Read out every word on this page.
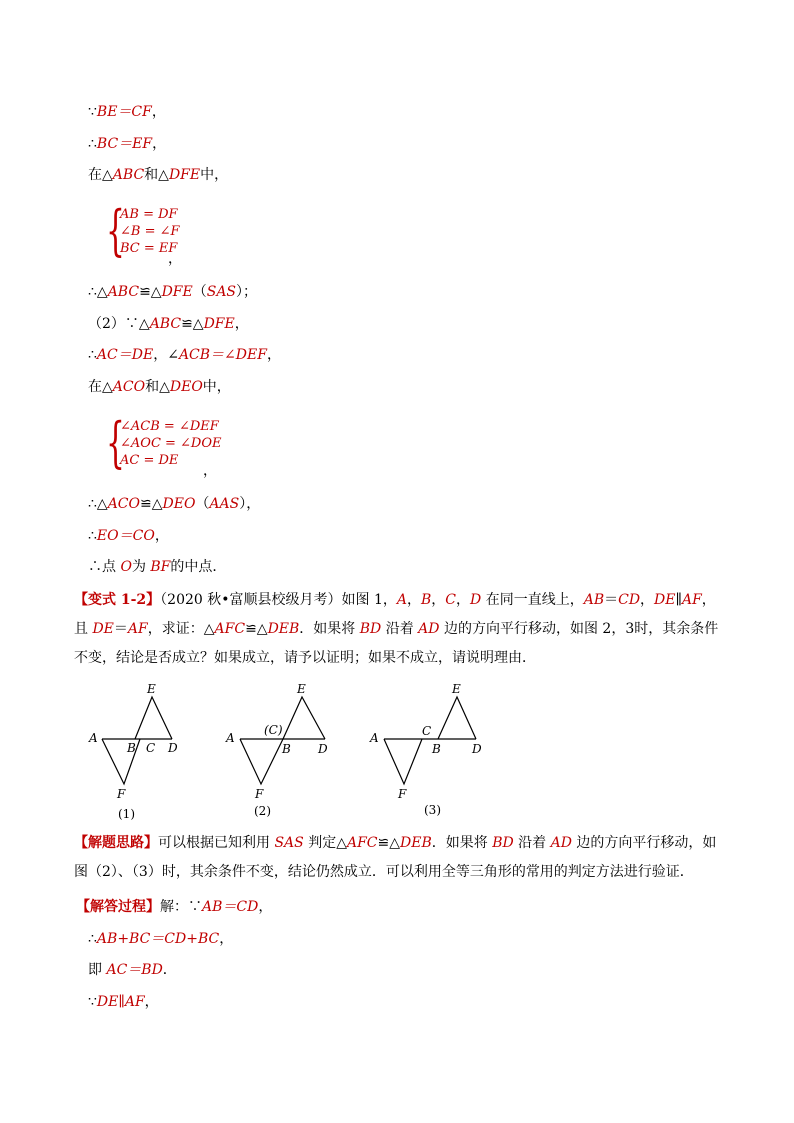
∵BE＝CF，
∴BC＝EF，
在△ABC和△DFE中，
{
AB = DF
∠B = ∠F
BC = EF
，
∴△ABC≌△DFE（SAS）；
（2）∵△ABC≌△DFE，
∴AC＝DE，∠ACB＝∠DEF，
在△ACO和△DEO中，
{
∠ACB = ∠DEF
∠AOC = ∠DOE
AC = DE
，
∴△ACO≌△DEO（AAS），
∴EO＝CO，
∴点 O为 BF的中点．
【变式 1-2】（2020 秋•富顺县校级月考）如图 1，A，B，C，D 在同一直线上，AB＝CD，DE∥AF，且 DE＝AF，求证：△AFC≌△DEB．如果将 BD 沿着 AD 边的方向平行移动，如图 2，3时，其余条件不变，结论是否成立？如果成立，请予以证明；如果不成立，请说明理由．
E
A
B C D
F
(1)
E
A
(C)
B D
F
(2)
E
A	C
B	D
F
(3)
【解题思路】可以根据已知利用 SAS 判定△AFC≌△DEB．如果将 BD 沿着 AD 边的方向平行移动，如图（2）、（3）时，其余条件不变，结论仍然成立．可以利用全等三角形的常用的判定方法进行验证．
【解答过程】解：∵AB＝CD，
∴AB+BC＝CD+BC，
即 AC＝BD．
∵DE∥AF，
